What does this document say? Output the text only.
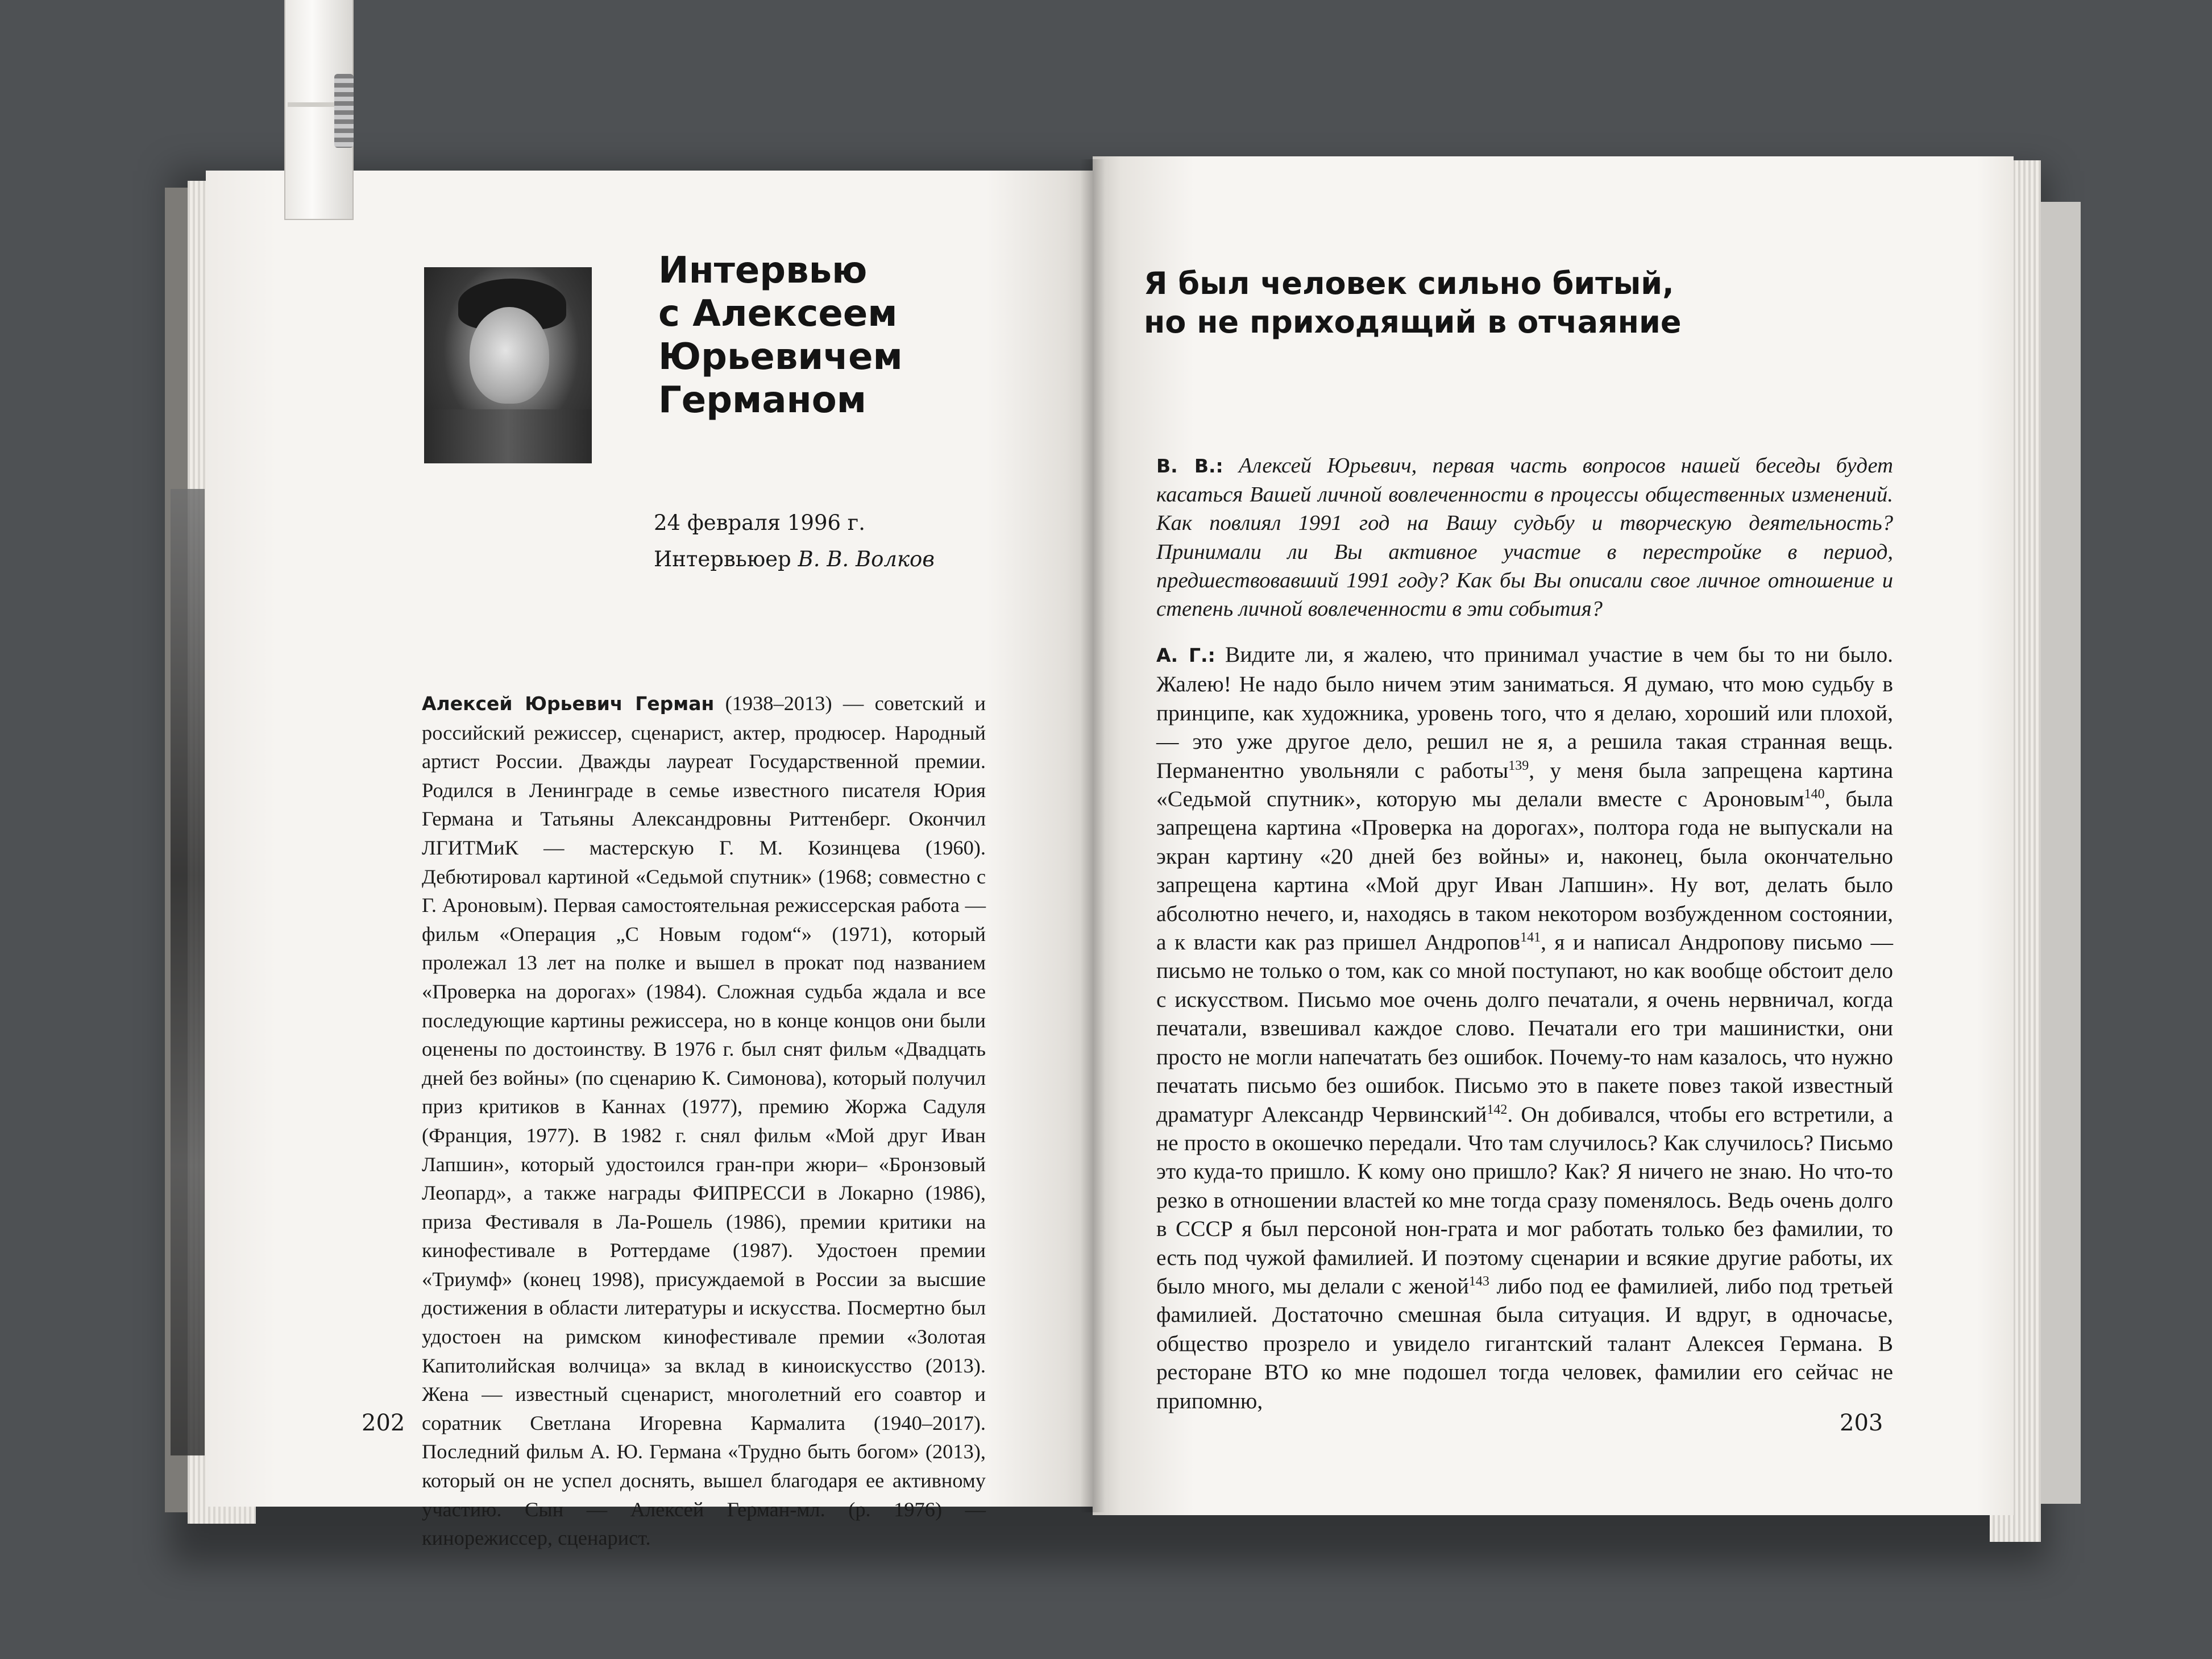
Интервью
с Алексеем
Юрьевичем
Германом
24 февраля 1996 г.
Интервьюер В. В. Волков

Алексей Юрьевич Герман (1938–2013) — советский и российский режиссер, сценарист, актер, продюсер. Народный артист России. Дважды лауреат Государственной премии. Родился в Ленинграде в семье известного писателя Юрия Германа и Татьяны Александровны Риттенберг. Окончил ЛГИТМиК — мастерскую Г. М. Козинцева (1960). Дебютировал картиной «Седьмой спутник» (1968; совместно с Г. Ароновым). Первая самостоятельная режиссерская работа — фильм «Операция „С Новым годом“» (1971), который пролежал 13 лет на полке и вышел в прокат под названием «Проверка на дорогах» (1984). Сложная судьба ждала и все последующие картины режиссера, но в конце концов они были оценены по достоинству. В 1976 г. был снят фильм «Двадцать дней без войны» (по сценарию К. Симонова), который получил приз критиков в Каннах (1977), премию Жоржа Садуля (Франция, 1977). В 1982 г. снял фильм «Мой друг Иван Лапшин», который удостоился гран-при жюри– «Бронзовый Леопард», а также награды ФИПРЕССИ в Локарно (1986), приза Фестиваля в Ла-Рошель (1986), премии критики на кинофестивале в Роттердаме (1987). Удостоен премии «Триумф» (конец 1998), присуждаемой в России за высшие достижения в области литературы и искусства. Посмертно был удостоен на римском кинофестивале премии «Золотая Капитолийская волчица» за вклад в киноискусство (2013). Жена — известный сценарист, многолетний его соавтор и соратник Светлана Игоревна Кармалита (1940–2017). Последний фильм А. Ю. Германа «Трудно быть богом» (2013), который он не успел доснять, вышел благодаря ее активному участию. Сын — Алексей Герман-мл. (р. 1976) — кинорежиссер, сценарист.

202
Я был человек сильно битый,
но не приходящий в отчаяние

В. В.: Алексей Юрьевич, первая часть вопросов нашей беседы будет касаться Вашей личной вовлеченности в процессы общественных изменений. Как повлиял 1991 год на Вашу судьбу и творческую деятельность? Принимали ли Вы активное участие в перестройке в период, предшествовавший 1991 году? Как бы Вы описали свое личное отношение и степень личной вовлеченности в эти события?

А. Г.: Видите ли, я жалею, что принимал участие в чем бы то ни было. Жалею! Не надо было ничем этим заниматься. Я думаю, что мою судьбу в принципе, как художника, уровень того, что я делаю, хороший или плохой, — это уже другое дело, решил не я, а решила такая странная вещь. Перманентно увольняли с работы$^{139}$, у меня была запрещена картина «Седьмой спутник», которую мы делали вместе с Ароновым$^{140}$, была запрещена картина «Проверка на дорогах», полтора года не выпускали на экран картину «20 дней без войны» и, наконец, была окончательно запрещена картина «Мой друг Иван Лапшин». Ну вот, делать было абсолютно нечего, и, находясь в таком некотором возбужденном состоянии, а к власти как раз пришел Андропов$^{141}$, я и написал Андропову письмо — письмо не только о том, как со мной поступают, но как вообще обстоит дело с искусством. Письмо мое очень долго печатали, я очень нервничал, когда печатали, взвешивал каждое слово. Печатали его три машинистки, они просто не могли напечатать без ошибок. Почему-то нам казалось, что нужно печатать письмо без ошибок. Письмо это в пакете повез такой известный драматург Александр Червинский$^{142}$. Он добивался, чтобы его встретили, а не просто в окошечко передали. Что там случилось? Как случилось? Письмо это куда-то пришло. К кому оно пришло? Как? Я ничего не знаю. Но что-то резко в отношении властей ко мне тогда сразу поменялось. Ведь очень долго в СССР я был персоной нон-грата и мог работать только без фамилии, то есть под чужой фамилией. И поэтому сценарии и всякие другие работы, их было много, мы делали с женой$^{143}$ либо под ее фамилией, либо под третьей фамилией. Достаточно смешная была ситуация. И вдруг, в одночасье, общество прозрело и увидело гигантский талант Алексея Германа. В ресторане ВТО ко мне подошел тогда человек, фамилии его сейчас не припомню,

203
